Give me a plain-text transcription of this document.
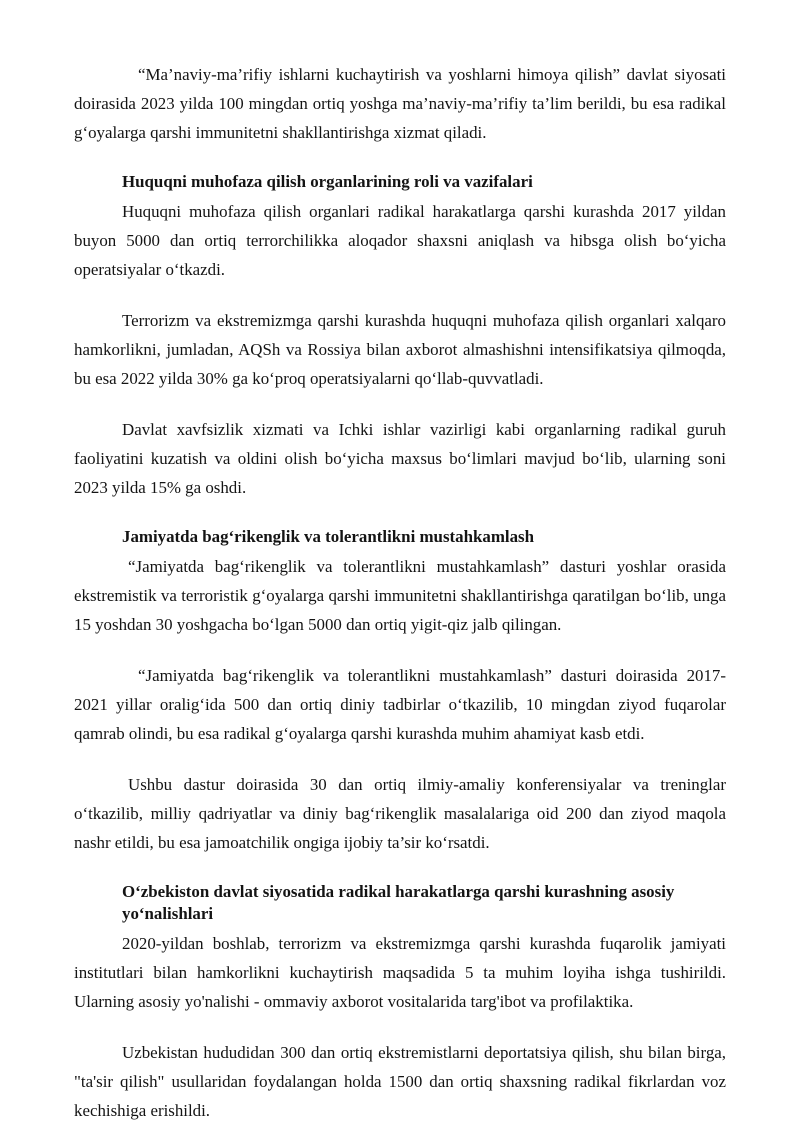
“Ma’naviy-ma’rifiy ishlarni kuchaytirish va yoshlarni himoya qilish” davlat siyosati doirasida 2023 yilda 100 mingdan ortiq yoshga ma’naviy-ma’rifiy ta’lim berildi, bu esa radikal g‘oyalarga qarshi immunitetni shakllantirishga xizmat qiladi.

Huquqni muhofaza qilish organlarining roli va vazifalari

Huquqni muhofaza qilish organlari radikal harakatlarga qarshi kurashda 2017 yildan buyon 5000 dan ortiq terrorchilikka aloqador shaxsni aniqlash va hibsga olish bo‘yicha operatsiyalar o‘tkazdi.

Terrorizm va ekstremizmga qarshi kurashda huquqni muhofaza qilish organlari xalqaro hamkorlikni, jumladan, AQSh va Rossiya bilan axborot almashishni intensifikatsiya qilmoqda, bu esa 2022 yilda 30% ga ko‘proq operatsiyalarni qo‘llab-quvvatladi.

Davlat xavfsizlik xizmati va Ichki ishlar vazirligi kabi organlarning radikal guruh faoliyatini kuzatish va oldini olish bo‘yicha maxsus bo‘limlari mavjud bo‘lib, ularning soni 2023 yilda 15% ga oshdi.

Jamiyatda bag‘rikenglik va tolerantlikni mustahkamlash

“Jamiyatda bag‘rikenglik va tolerantlikni mustahkamlash” dasturi yoshlar orasida ekstremistik va terroristik g‘oyalarga qarshi immunitetni shakllantirishga qaratilgan bo‘lib, unga 15 yoshdan 30 yoshgacha bo‘lgan 5000 dan ortiq yigit-qiz jalb qilingan.

“Jamiyatda bag‘rikenglik va tolerantlikni mustahkamlash” dasturi doirasida 2017-2021 yillar oralig‘ida 500 dan ortiq diniy tadbirlar o‘tkazilib, 10 mingdan ziyod fuqarolar qamrab olindi, bu esa radikal g‘oyalarga qarshi kurashda muhim ahamiyat kasb etdi.

Ushbu dastur doirasida 30 dan ortiq ilmiy-amaliy konferensiyalar va treninglar o‘tkazilib, milliy qadriyatlar va diniy bag‘rikenglik masalalariga oid 200 dan ziyod maqola nashr etildi, bu esa jamoatchilik ongiga ijobiy ta’sir ko‘rsatdi.

O‘zbekiston davlat siyosatida radikal harakatlarga qarshi kurashning asosiy yo‘nalishlari

2020-yildan boshlab, terrorizm va ekstremizmga qarshi kurashda fuqarolik jamiyati institutlari bilan hamkorlikni kuchaytirish maqsadida 5 ta muhim loyiha ishga tushirildi. Ularning asosiy yo'nalishi - ommaviy axborot vositalarida targ'ibot va profilaktika.

Uzbekistan hududidan 300 dan ortiq ekstremistlarni deportatsiya qilish, shu bilan birga, "ta'sir qilish" usullaridan foydalangan holda 1500 dan ortiq shaxsning radikal fikrlardan voz kechishiga erishildi.
